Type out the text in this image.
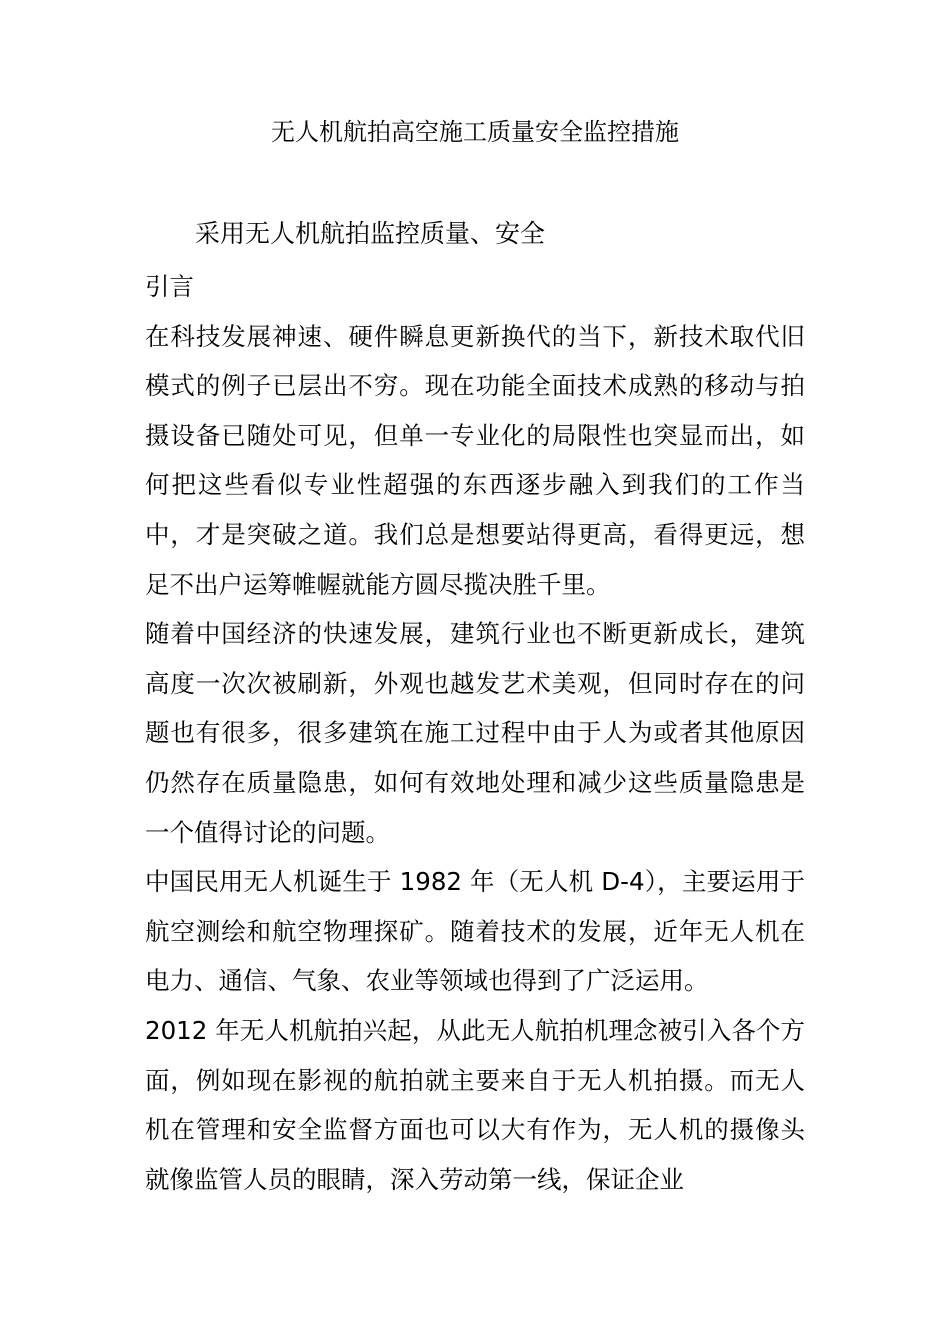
无人机航拍高空施工质量安全监控措施

采用无人机航拍监控质量、安全

引言

在科技发展神速、硬件瞬息更新换代的当下，新技术取代旧模式的例子已层出不穷。现在功能全面技术成熟的移动与拍摄设备已随处可见，但单一专业化的局限性也突显而出，如何把这些看似专业性超强的东西逐步融入到我们的工作当中，才是突破之道。我们总是想要站得更高，看得更远，想足不出户运筹帷幄就能方圆尽揽决胜千里。

随着中国经济的快速发展，建筑行业也不断更新成长，建筑高度一次次被刷新，外观也越发艺术美观，但同时存在的问题也有很多，很多建筑在施工过程中由于人为或者其他原因仍然存在质量隐患，如何有效地处理和减少这些质量隐患是一个值得讨论的问题。

中国民用无人机诞生于 1982 年（无人机 D-4），主要运用于航空测绘和航空物理探矿。随着技术的发展，近年无人机在电力、通信、气象、农业等领域也得到了广泛运用。

2012 年无人机航拍兴起，从此无人航拍机理念被引入各个方面，例如现在影视的航拍就主要来自于无人机拍摄。而无人机在管理和安全监督方面也可以大有作为，无人机的摄像头就像监管人员的眼睛，深入劳动第一线，保证企业
